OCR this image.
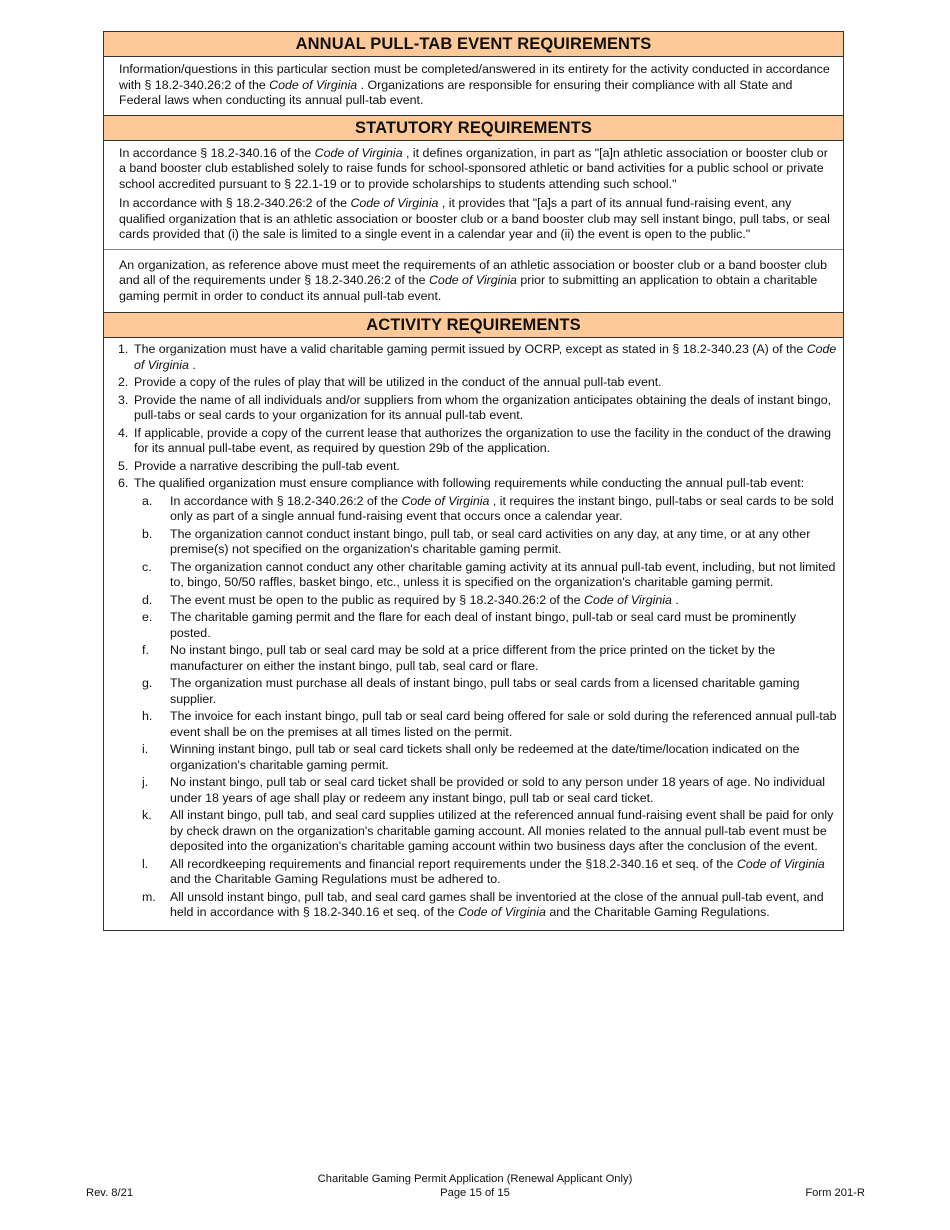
ANNUAL PULL-TAB EVENT REQUIREMENTS

Information/questions in this particular section must be completed/answered in its entirety for the activity conducted in accordance with § 18.2-340.26:2 of the Code of Virginia . Organizations are responsible for ensuring their compliance with all State and Federal laws when conducting its annual pull-tab event.

STATUTORY REQUIREMENTS

In accordance § 18.2-340.16 of the Code of Virginia , it defines organization, in part as "[a]n athletic association or booster club or a band booster club established solely to raise funds for school-sponsored athletic or band activities for a public school or private school accredited pursuant to § 22.1-19 or to provide scholarships to students attending such school."

In accordance with § 18.2-340.26:2 of the Code of Virginia , it provides that "[a]s a part of its annual fund-raising event, any qualified organization that is an athletic association or booster club or a band booster club may sell instant bingo, pull tabs, or seal cards provided that (i) the sale is limited to a single event in a calendar year and (ii) the event is open to the public."

An organization, as reference above must meet the requirements of an athletic association or booster club or a band booster club and all of the requirements under § 18.2-340.26:2 of the Code of Virginia prior to submitting an application to obtain a charitable gaming permit in order to conduct its annual pull-tab event.

ACTIVITY REQUIREMENTS
1. The organization must have a valid charitable gaming permit issued by OCRP, except as stated in § 18.2-340.23 (A) of the Code of Virginia .
2. Provide a copy of the rules of play that will be utilized in the conduct of the annual pull-tab event.
3. Provide the name of all individuals and/or suppliers from whom the organization anticipates obtaining the deals of instant bingo, pull-tabs or seal cards to your organization for its annual pull-tab event.
4. If applicable, provide a copy of the current lease that authorizes the organization to use the facility in the conduct of the drawing for its annual pull-tabe event, as required by question 29b of the application.
5. Provide a narrative describing the pull-tab event.
6. The qualified organization must ensure compliance with following requirements while conducting the annual pull-tab event:
a.	In accordance with § 18.2-340.26:2 of the Code of Virginia , it requires the instant bingo, pull-tabs or seal cards to be sold only as part of a single annual fund-raising event that occurs once a calendar year.
b.	The organization cannot conduct instant bingo, pull tab, or seal card activities on any day, at any time, or at any other premise(s) not specified on the organization's charitable gaming permit.
c.	The organization cannot conduct any other charitable gaming activity at its annual pull-tab event, including, but not limited to, bingo, 50/50 raffles, basket bingo, etc., unless it is specified on the organization's charitable gaming permit.
d.	The event must be open to the public as required by § 18.2-340.26:2 of the Code of Virginia .
e.	The charitable gaming permit and the flare for each deal of instant bingo, pull-tab or seal card must be prominently posted.
f.	No instant bingo, pull tab or seal card may be sold at a price different from the price printed on the ticket by the manufacturer on either the instant bingo, pull tab, seal card or flare.
g.	The organization must purchase all deals of instant bingo, pull tabs or seal cards from a licensed charitable gaming supplier.
h.	The invoice for each instant bingo, pull tab or seal card being offered for sale or sold during the referenced annual pull-tab event shall be on the premises at all times listed on the permit.
i.	Winning instant bingo, pull tab or seal card tickets shall only be redeemed at the date/time/location indicated on the organization's charitable gaming permit.
j.	No instant bingo, pull tab or seal card ticket shall be provided or sold to any person under 18 years of age. No individual under 18 years of age shall play or redeem any instant bingo, pull tab or seal card ticket.
k.	All instant bingo, pull tab, and seal card supplies utilized at the referenced annual fund-raising event shall be paid for only by check drawn on the organization's charitable gaming account. All monies related to the annual pull-tab event must be deposited into the organization's charitable gaming account within two business days after the conclusion of the event.
l.	All recordkeeping requirements and financial report requirements under the §18.2-340.16 et seq. of the Code of Virginia and the Charitable Gaming Regulations must be adhered to.
m.	All unsold instant bingo, pull tab, and seal card games shall be inventoried at the close of the annual pull-tab event, and held in accordance with § 18.2-340.16 et seq. of the Code of Virginia and the Charitable Gaming Regulations.
Charitable Gaming Permit Application (Renewal Applicant Only)
Page 15 of 15
Rev. 8/21	Form 201-R
